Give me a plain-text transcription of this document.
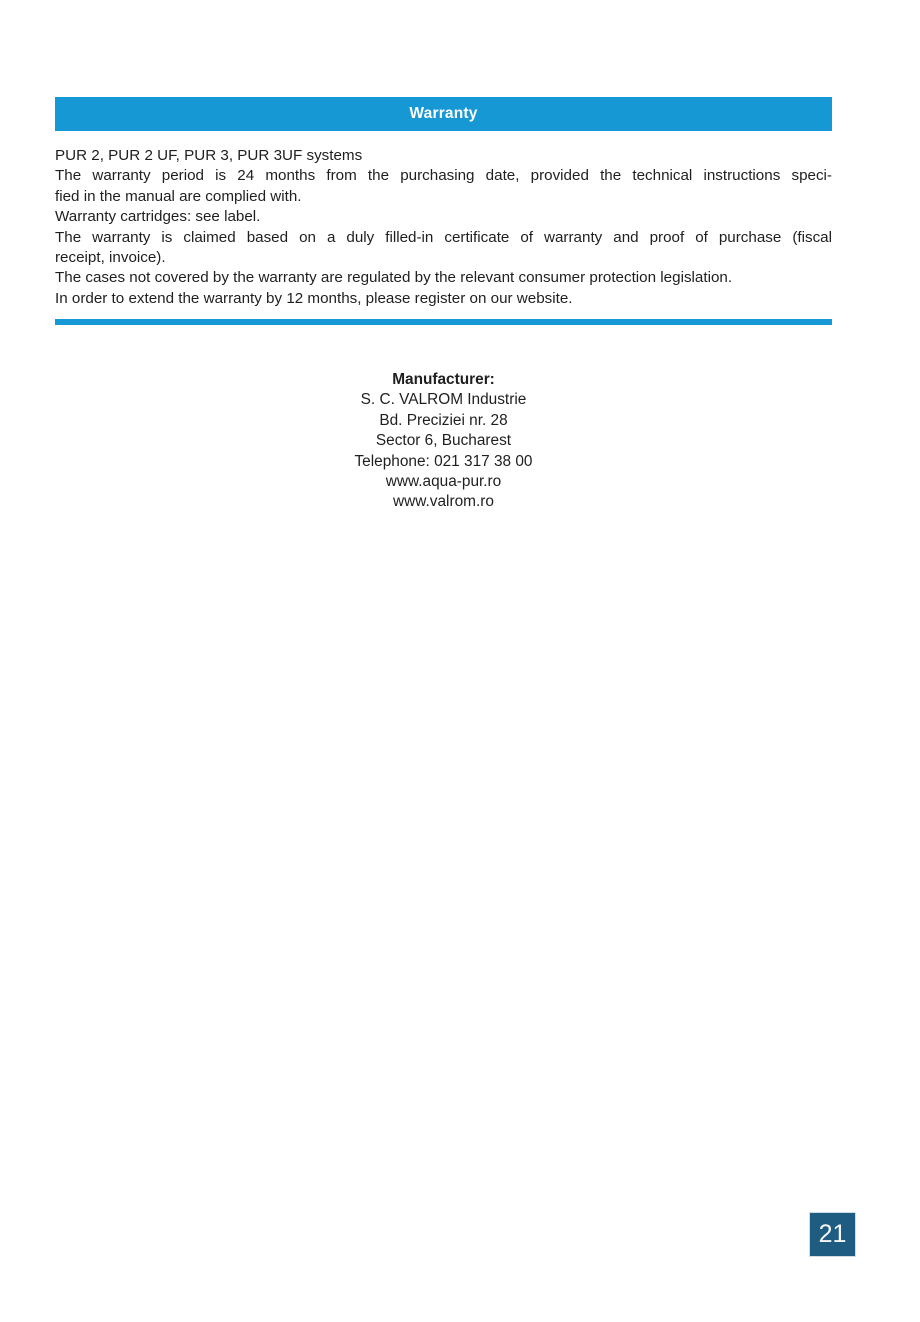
Warranty
PUR 2, PUR 2 UF, PUR 3, PUR 3UF systems
The warranty period is 24 months from the purchasing date, provided the technical instructions speci-
fied in the manual are complied with.
Warranty cartridges: see label.
The warranty is claimed based on a duly filled-in certificate of warranty and proof of purchase (fiscal
receipt, invoice).
The cases not covered by the warranty are regulated by the relevant consumer protection legislation.
In order to extend the warranty by 12 months, please register on our website.
Manufacturer:
S. C. VALROM Industrie
Bd. Preciziei nr. 28
Sector 6, Bucharest
Telephone: 021 317 38 00
www.aqua-pur.ro
www.valrom.ro
21
